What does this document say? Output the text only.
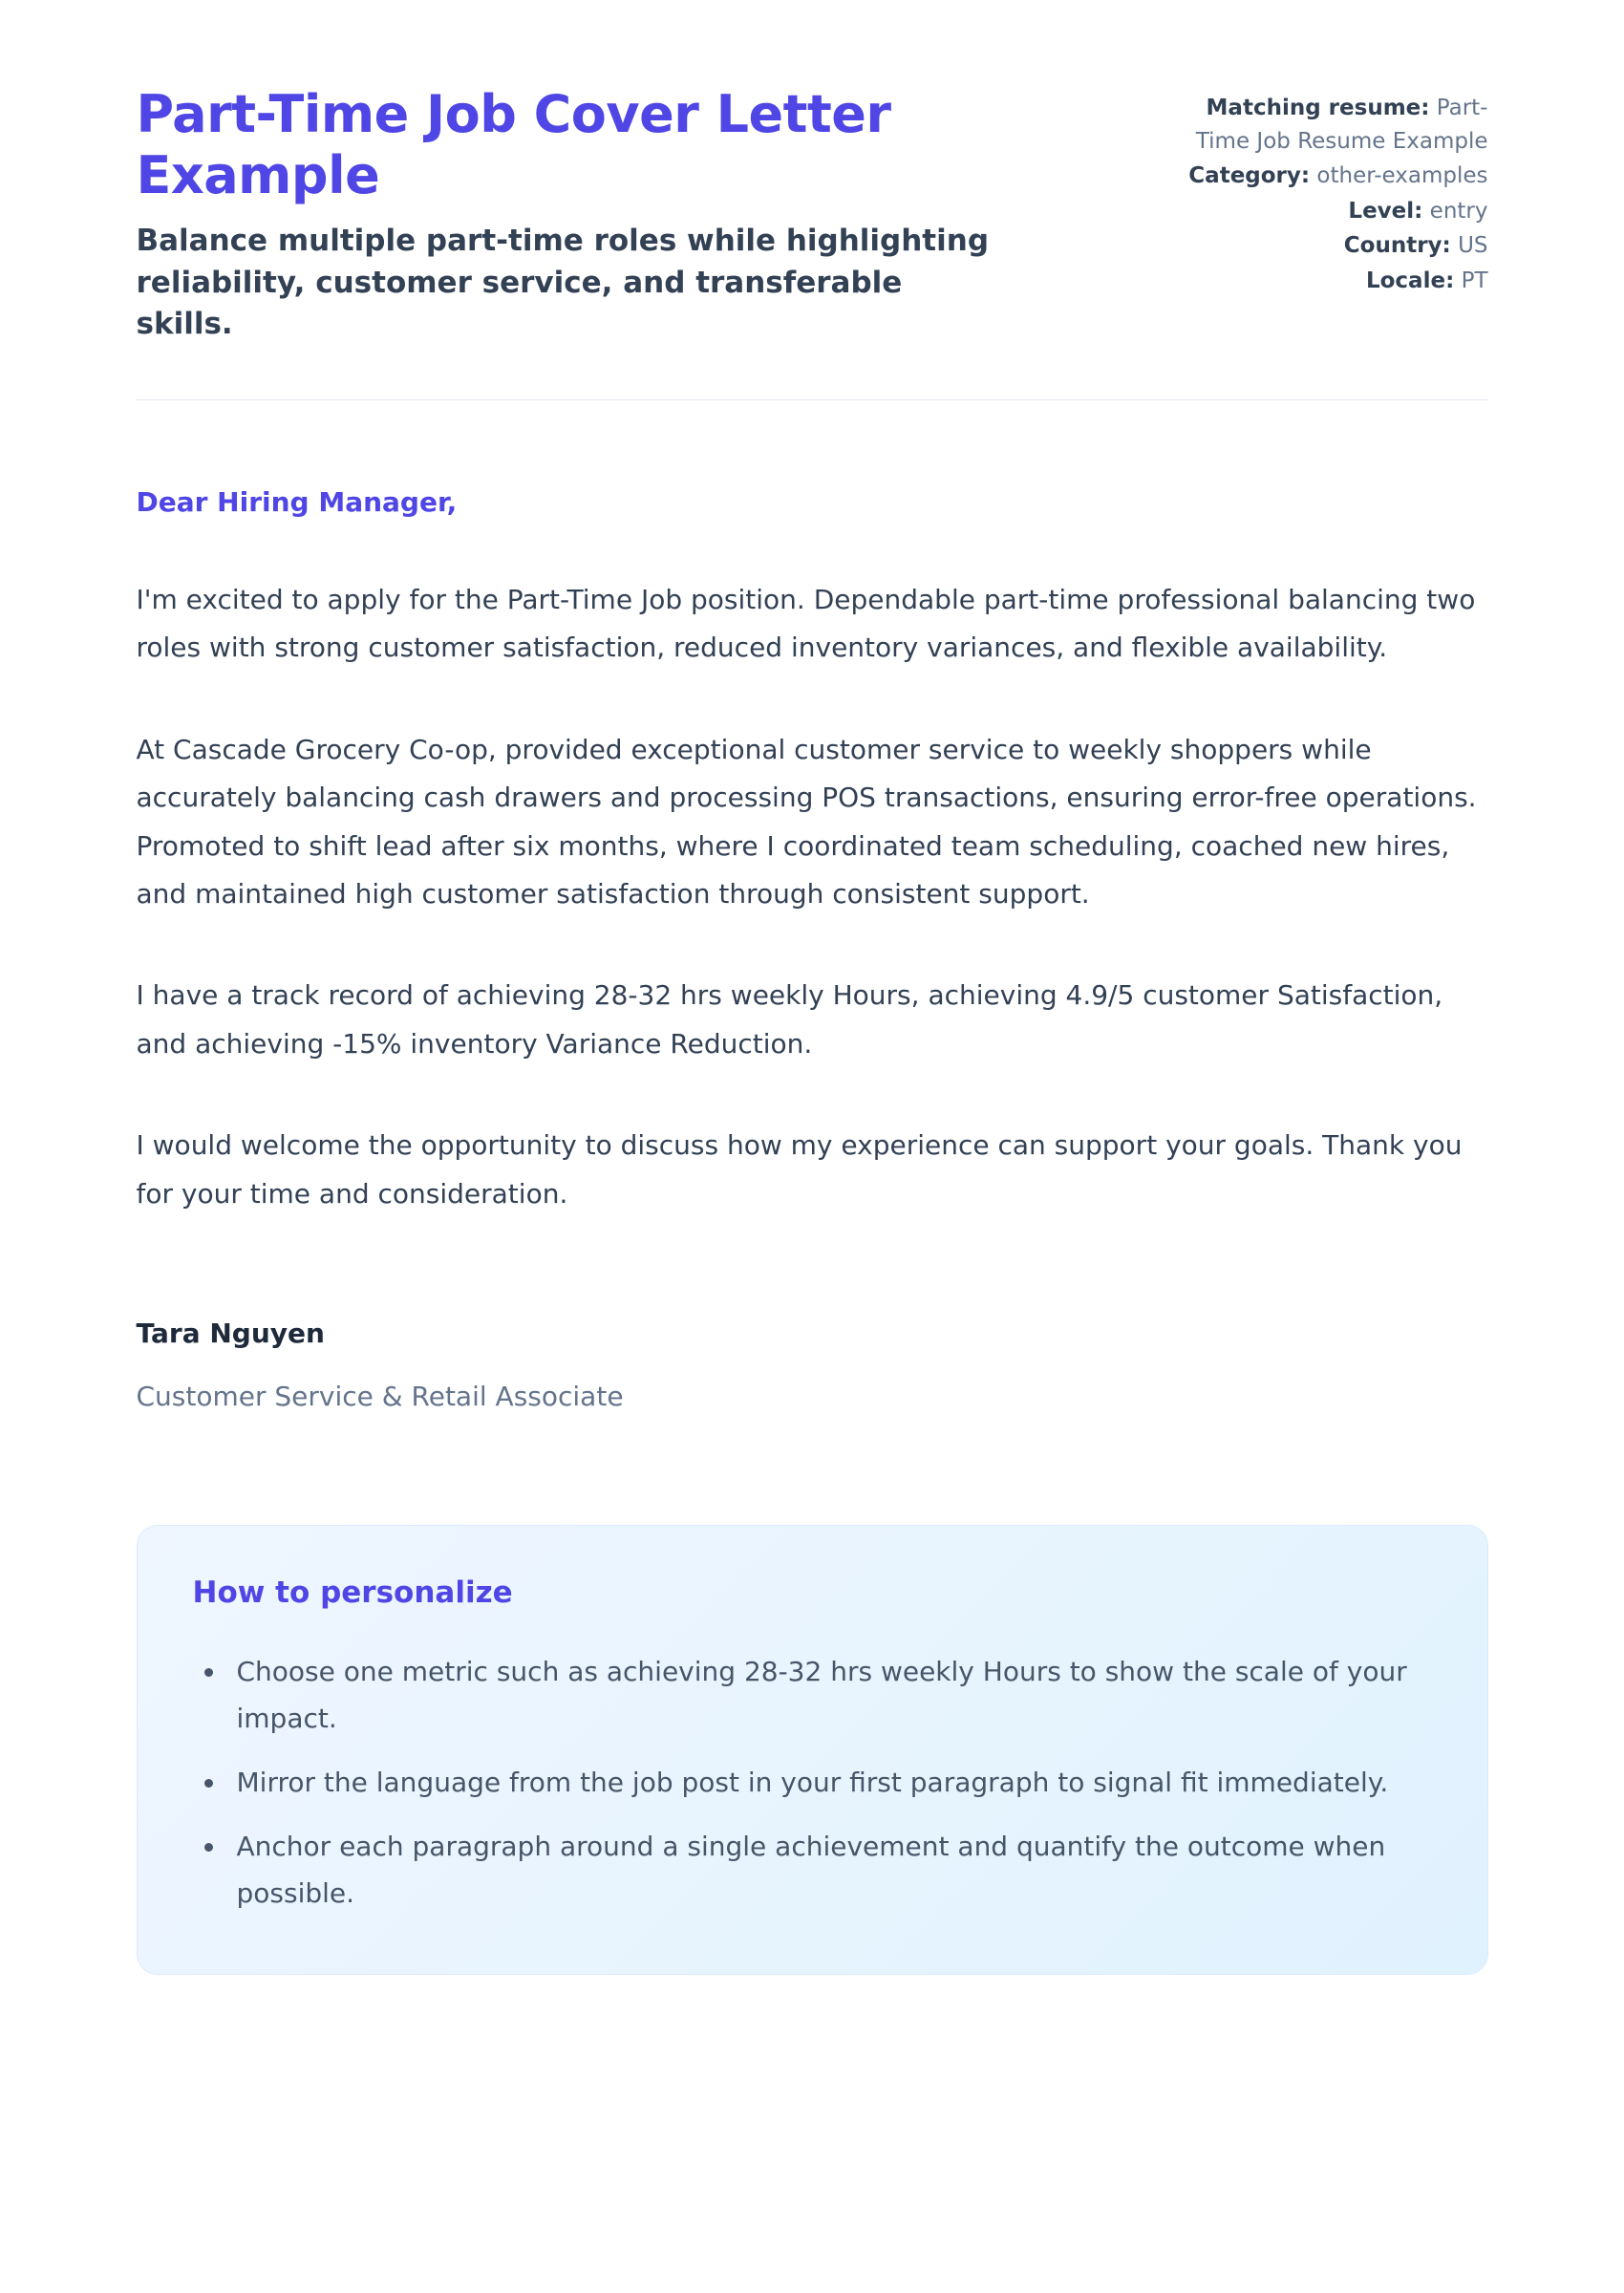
Part-Time Job Cover Letter Example

Balance multiple part-time roles while highlighting reliability, customer service, and transferable skills.

Matching resume: Part-Time Job Resume Example
Category: other-examples
Level: entry
Country: US
Locale: PT

Dear Hiring Manager,

I'm excited to apply for the Part-Time Job position. Dependable part-time professional balancing two roles with strong customer satisfaction, reduced inventory variances, and flexible availability.

At Cascade Grocery Co-op, provided exceptional customer service to weekly shoppers while accurately balancing cash drawers and processing POS transactions, ensuring error-free operations. Promoted to shift lead after six months, where I coordinated team scheduling, coached new hires, and maintained high customer satisfaction through consistent support.

I have a track record of achieving 28-32 hrs weekly Hours, achieving 4.9/5 customer Satisfaction, and achieving -15% inventory Variance Reduction.

I would welcome the opportunity to discuss how my experience can support your goals. Thank you for your time and consideration.

Tara Nguyen

Customer Service & Retail Associate

How to personalize
• Choose one metric such as achieving 28-32 hrs weekly Hours to show the scale of your impact.
• Mirror the language from the job post in your first paragraph to signal fit immediately.
• Anchor each paragraph around a single achievement and quantify the outcome when possible.
